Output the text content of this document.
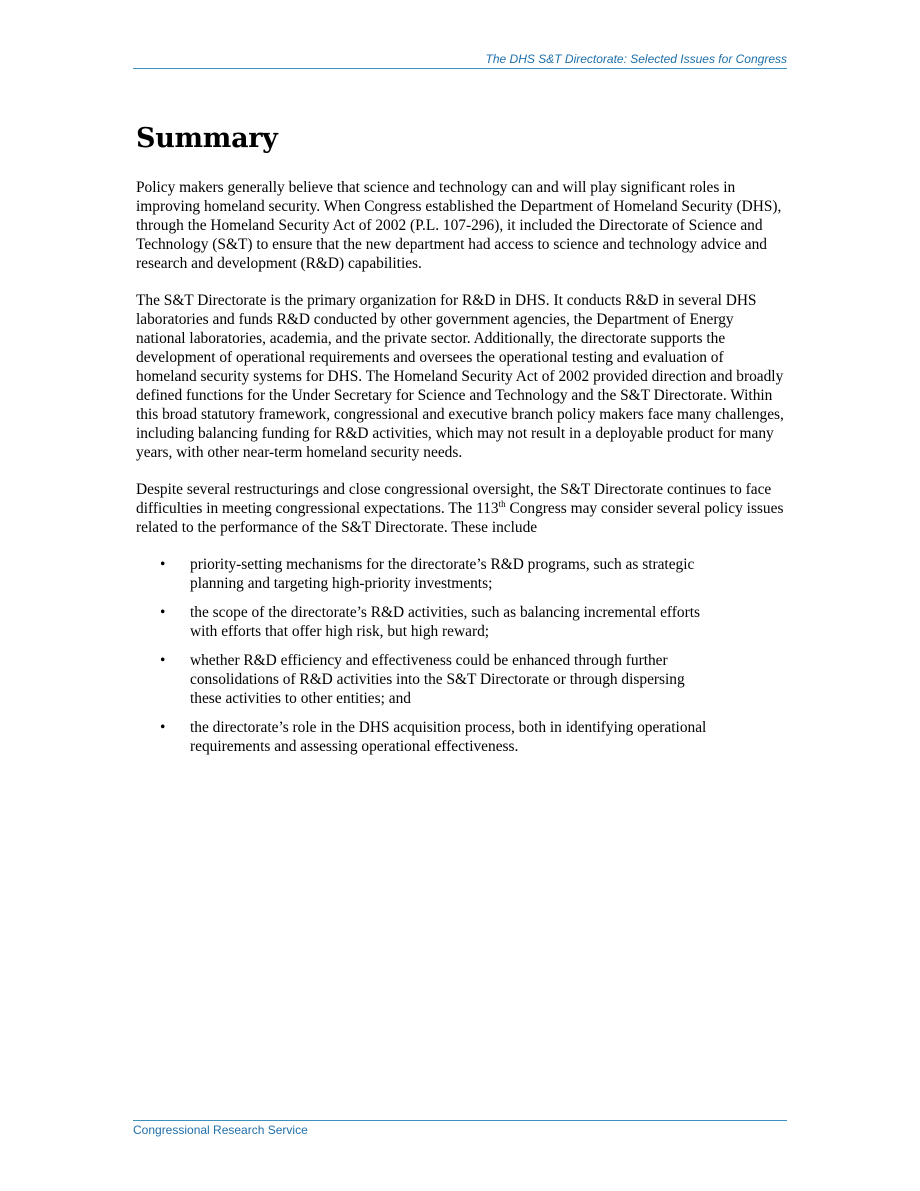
The DHS S&T Directorate: Selected Issues for Congress
Summary

Policy makers generally believe that science and technology can and will play significant roles in improving homeland security. When Congress established the Department of Homeland Security (DHS), through the Homeland Security Act of 2002 (P.L. 107-296), it included the Directorate of Science and Technology (S&T) to ensure that the new department had access to science and technology advice and research and development (R&D) capabilities.

The S&T Directorate is the primary organization for R&D in DHS. It conducts R&D in several DHS laboratories and funds R&D conducted by other government agencies, the Department of Energy national laboratories, academia, and the private sector. Additionally, the directorate supports the development of operational requirements and oversees the operational testing and evaluation of homeland security systems for DHS. The Homeland Security Act of 2002 provided direction and broadly defined functions for the Under Secretary for Science and Technology and the S&T Directorate. Within this broad statutory framework, congressional and executive branch policy makers face many challenges, including balancing funding for R&D activities, which may not result in a deployable product for many years, with other near-term homeland security needs.

Despite several restructurings and close congressional oversight, the S&T Directorate continues to face difficulties in meeting congressional expectations. The 113th Congress may consider several policy issues related to the performance of the S&T Directorate. These include

• priority-setting mechanisms for the directorate’s R&D programs, such as strategic planning and targeting high-priority investments;
• the scope of the directorate’s R&D activities, such as balancing incremental efforts with efforts that offer high risk, but high reward;
• whether R&D efficiency and effectiveness could be enhanced through further consolidations of R&D activities into the S&T Directorate or through dispersing these activities to other entities; and
• the directorate’s role in the DHS acquisition process, both in identifying operational requirements and assessing operational effectiveness.
Congressional Research Service
